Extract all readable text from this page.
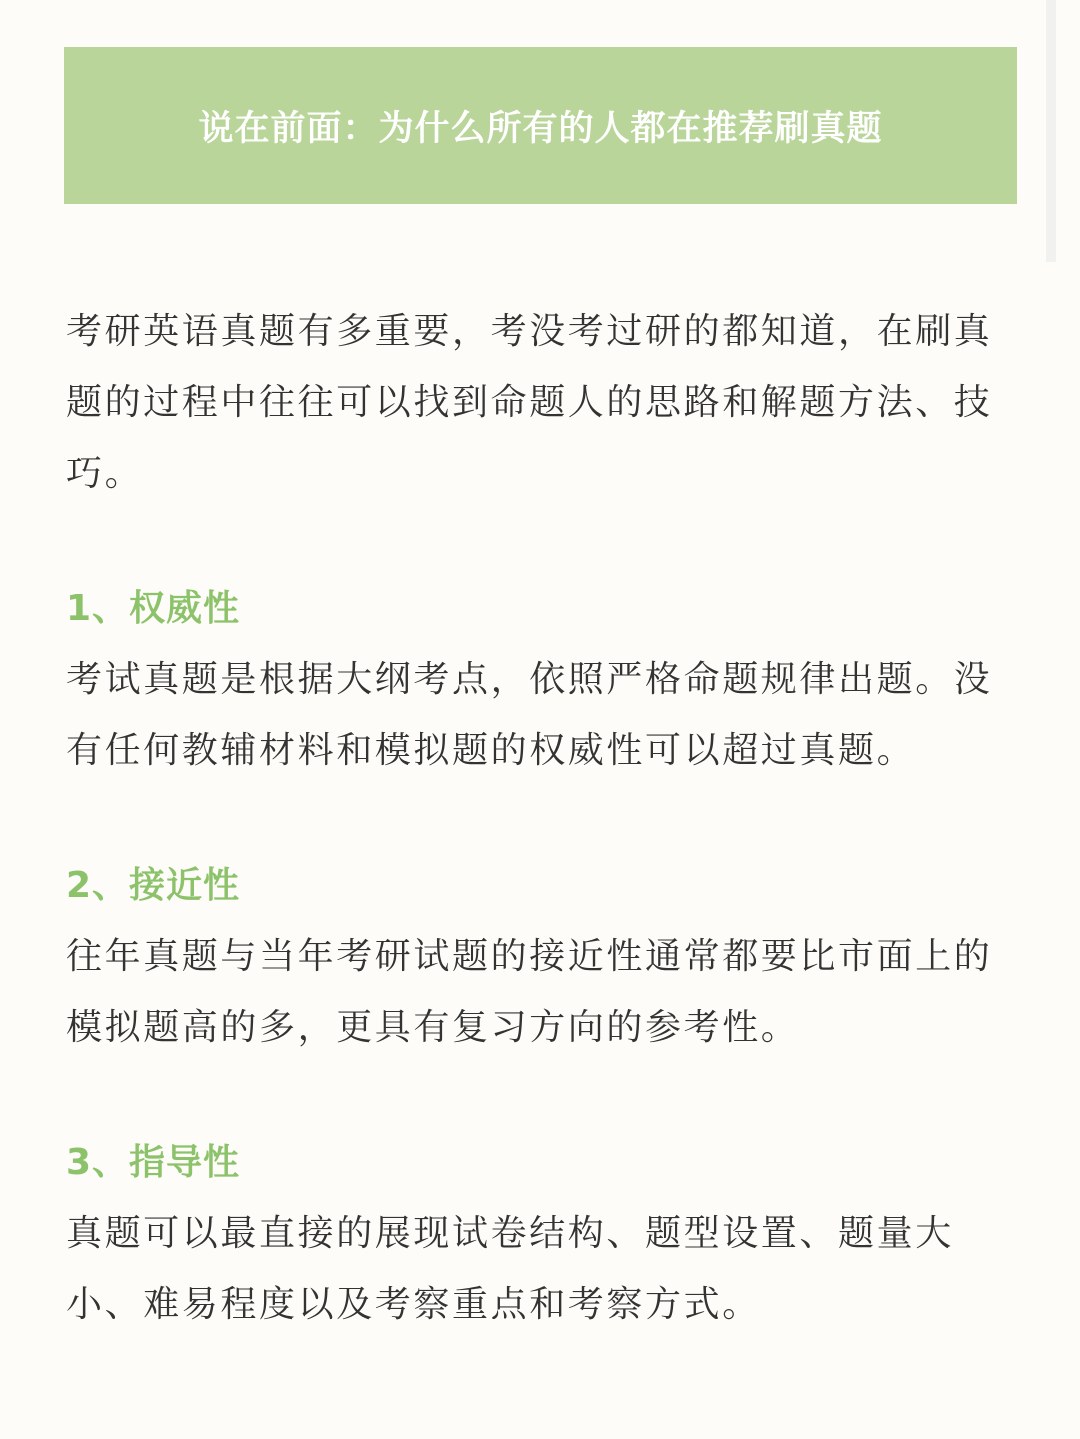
说在前面：为什么所有的人都在推荐刷真题

考研英语真题有多重要，考没考过研的都知道，在刷真题的过程中往往可以找到命题人的思路和解题方法、技巧。

1、权威性

考试真题是根据大纲考点，依照严格命题规律出题。没有任何教辅材料和模拟题的权威性可以超过真题。

2、接近性

往年真题与当年考研试题的接近性通常都要比市面上的模拟题高的多，更具有复习方向的参考性。

3、指导性

真题可以最直接的展现试卷结构、题型设置、题量大小、难易程度以及考察重点和考察方式。
